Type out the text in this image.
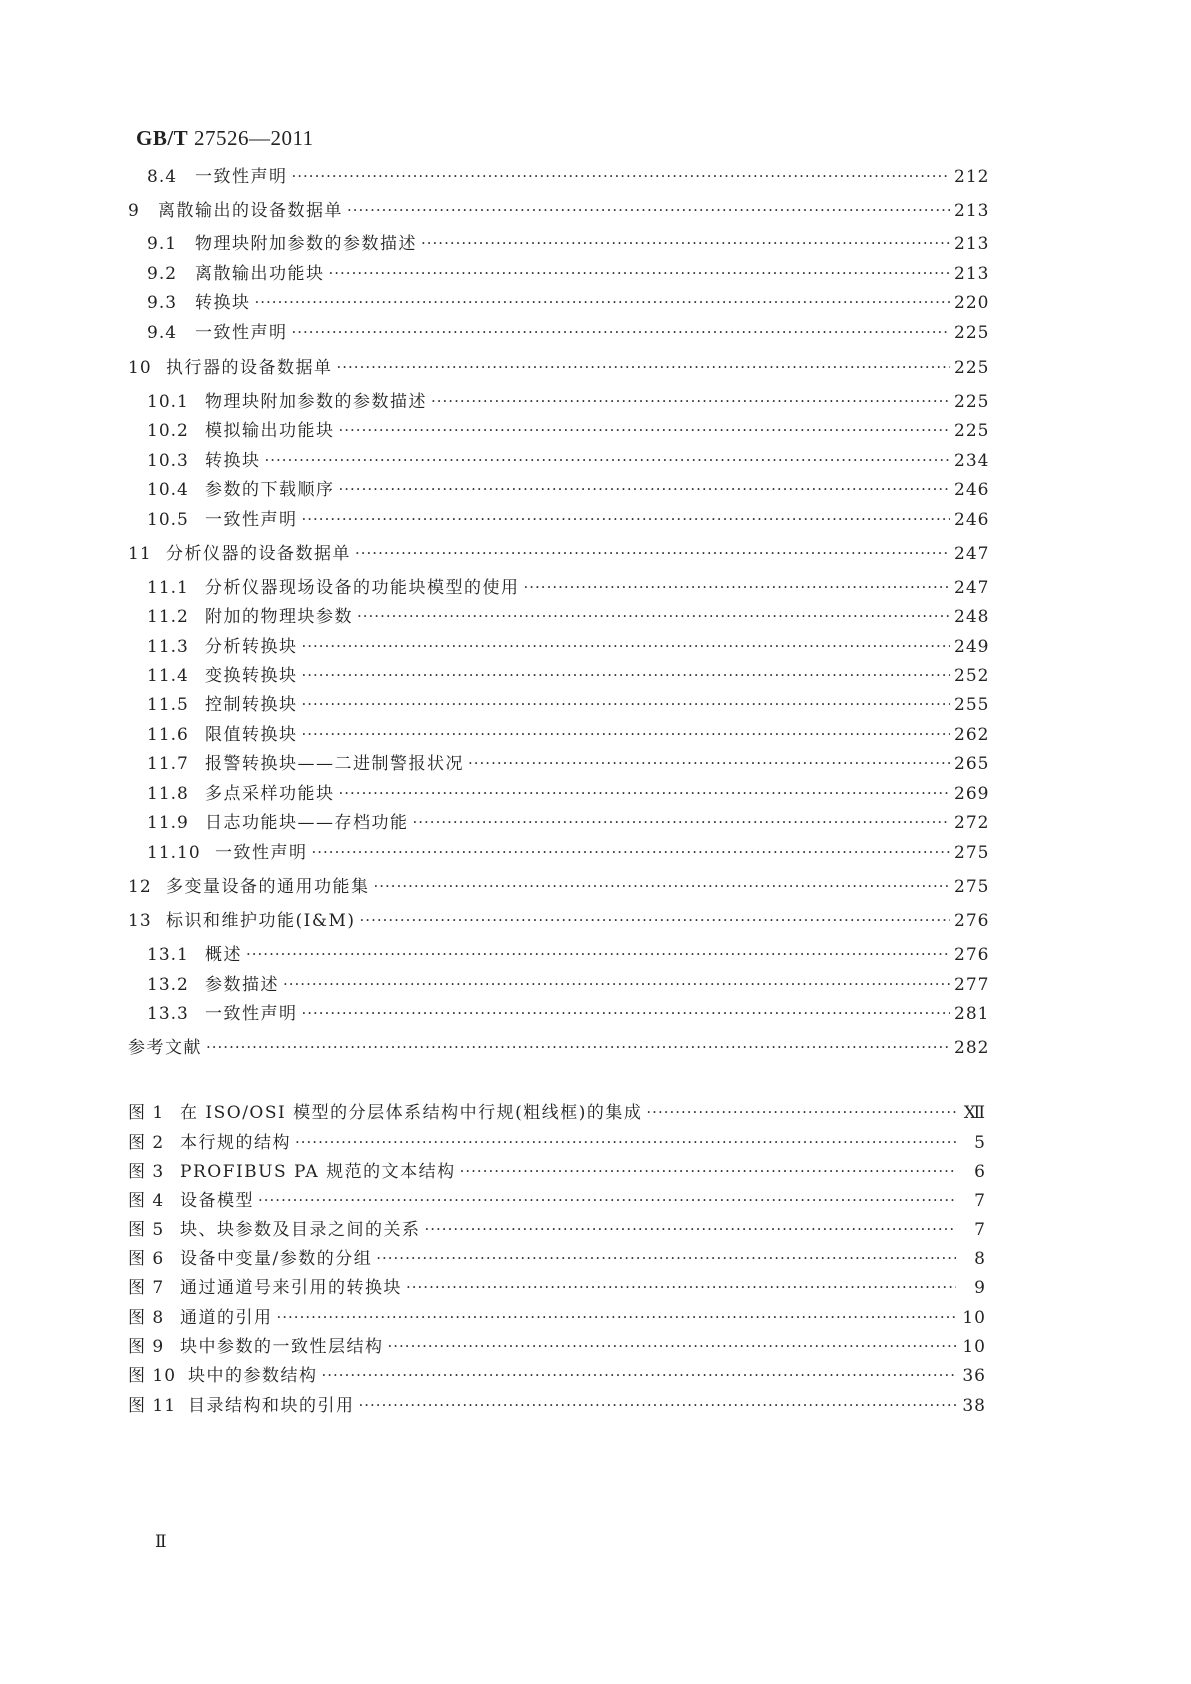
GB/T 27526—2011
8.4	一致性声明 ·····	212
9	离散输出的设备数据单 ·····	213
9.1	物理块附加参数的参数描述 ·····	213
9.2	离散输出功能块 ·····	213
9.3	转换块 ·····	220
9.4	一致性声明 ·····	225
10 执行器的设备数据单 ·····	225
10.1 物理块附加参数的参数描述 ·····	225
10.2 模拟输出功能块 ·····	225
10.3 转换块 ·····	234
10.4 参数的下载顺序 ·····	246
10.5 一致性声明 ·····	246
11 分析仪器的设备数据单 ·····	247
11.1 分析仪器现场设备的功能块模型的使用 ·····	247
11.2 附加的物理块参数 ·····	248
11.3 分析转换块 ·····	249
11.4 变换转换块 ·····	252
11.5 控制转换块 ·····	255
11.6 限值转换块 ·····	262
11.7 报警转换块——二进制警报状况 ·····	265
11.8 多点采样功能块 ·····	269
11.9 日志功能块——存档功能 ·····	272
11.10 一致性声明 ·····	275
12 多变量设备的通用功能集 ·····	275
13 标识和维护功能(I&M) ·····	276
13.1 概述 ·····	276
13.2 参数描述 ·····	277
13.3 一致性声明 ·····	281
参考文献 ·····	282
图 1 在 ISO/OSI 模型的分层体系结构中行规(粗线框)的集成 ·····	Ⅻ
图 2 本行规的结构 ·····	5
图 3 PROFIBUS PA 规范的文本结构 ·····	6
图 4 设备模型 ·····	7
图 5 块、块参数及目录之间的关系 ·····	7
图 6 设备中变量/参数的分组 ·····	8
图 7 通过通道号来引用的转换块 ·····	9
图 8 通道的引用 ·····	10
图 9 块中参数的一致性层结构 ·····	10
图 10 块中的参数结构 ·····	36
图 11 目录结构和块的引用 ·····	38
Ⅱ
